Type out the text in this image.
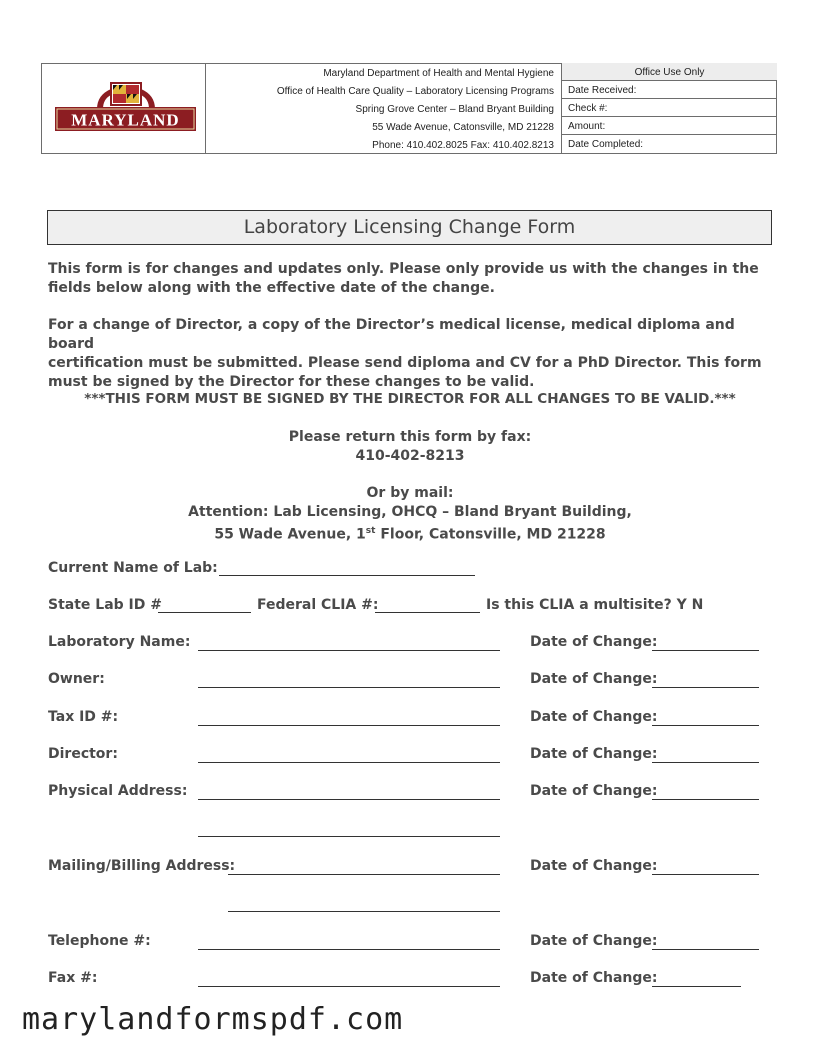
MARYLAND
Maryland Department of Health and Mental Hygiene
Office of Health Care Quality – Laboratory Licensing Programs
Spring Grove Center – Bland Bryant Building
55 Wade Avenue, Catonsville, MD 21228
Phone: 410.402.8025 Fax: 410.402.8213
Office Use Only
Date Received:
Check #:
Amount:
Date Completed:
Laboratory Licensing Change Form
This form is for changes and updates only. Please only provide us with the changes in the
fields below along with the effective date of the change.
For a change of Director, a copy of the Director’s medical license, medical diploma and board
certification must be submitted. Please send diploma and CV for a PhD Director. This form
must be signed by the Director for these changes to be valid.
***THIS FORM MUST BE SIGNED BY THE DIRECTOR FOR ALL CHANGES TO BE VALID.***
Please return this form by fax:
410-402-8213
Or by mail:
Attention: Lab Licensing, OHCQ – Bland Bryant Building,
55 Wade Avenue, 1st Floor, Catonsville, MD 21228
Current Name of Lab:
State Lab ID #	Federal CLIA #:	Is this CLIA a multisite? Y N
Laboratory Name:	Date of Change:
Owner:	Date of Change:
Tax ID #:	Date of Change:
Director:	Date of Change:
Physical Address:	Date of Change:
Mailing/Billing Address:	Date of Change:
Telephone #:	Date of Change:
Fax #:	Date of Change:
marylandformspdf.com
